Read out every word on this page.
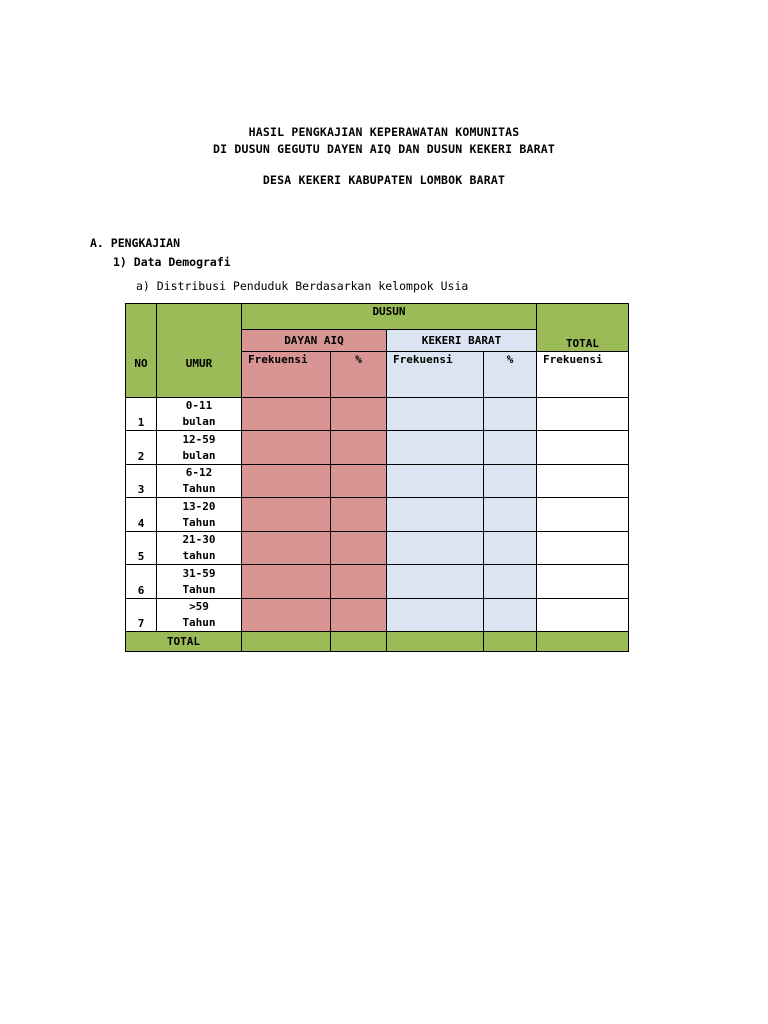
HASIL PENGKAJIAN KEPERAWATAN KOMUNITAS
DI DUSUN GEGUTU DAYEN AIQ DAN DUSUN KEKERI BARAT
DESA KEKERI KABUPATEN LOMBOK BARAT
A. PENGKAJIAN
1) Data Demografi
a) Distribusi Penduduk Berdasarkan kelompok Usia
NO	UMUR	DUSUN				TOTAL
		DAYAN AIQ		KEKERI BARAT		
		Frekuensi	%	Frekuensi	%	Frekuensi
1	0-11
bulan					
2	12-59
bulan					
3	6-12
Tahun					
4	13-20
Tahun					
5	21-30
tahun					
6	31-59
Tahun					
7	>59
Tahun					
TOTAL						
